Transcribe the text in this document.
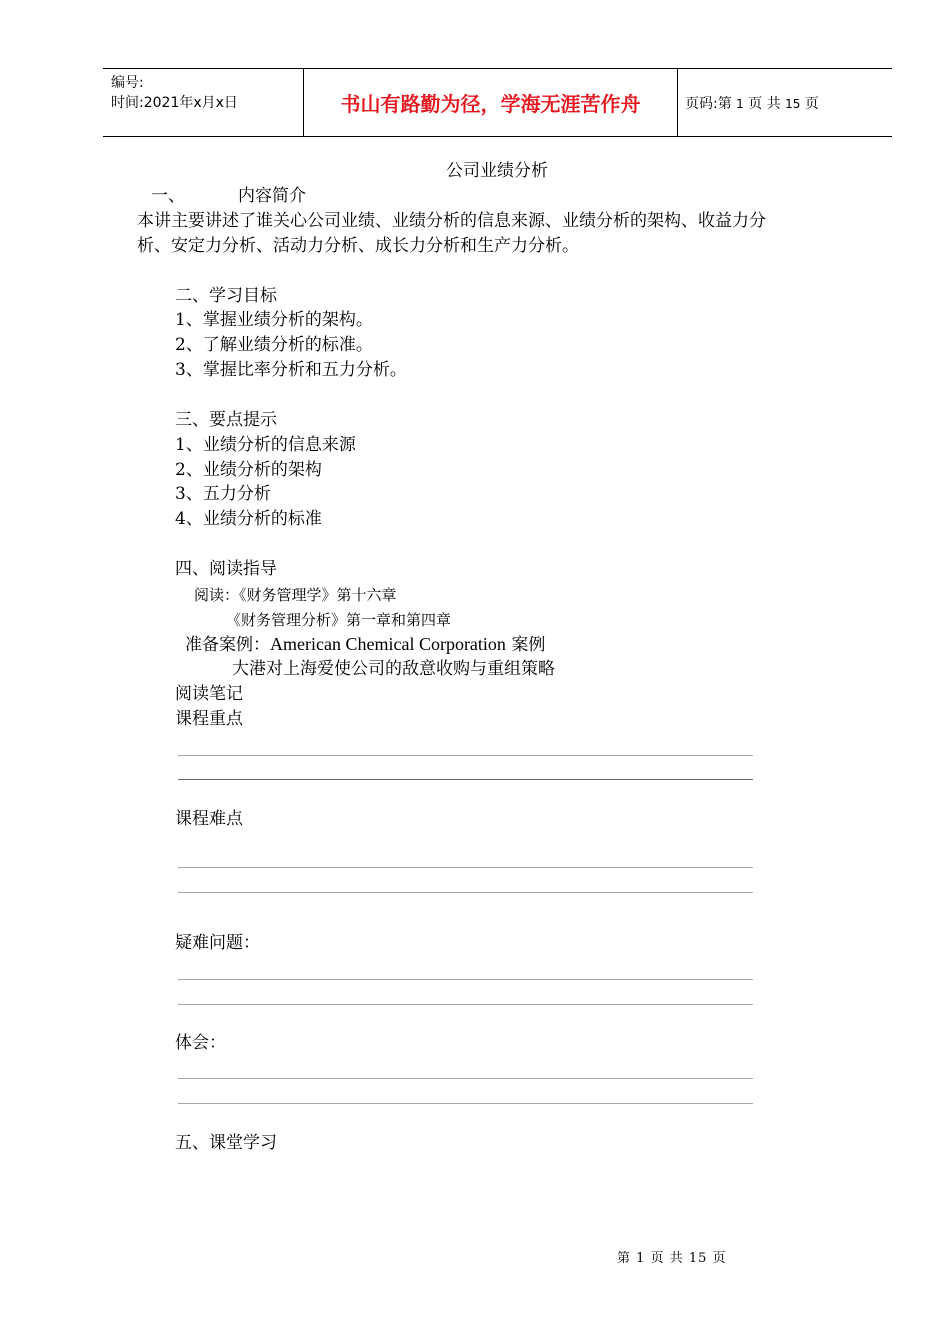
编号:
时间:2021年x月x日	书山有路勤为径，学海无涯苦作舟	页码:第 1 页 共 15 页
公司业绩分析
一、	内容简介
本讲主要讲述了谁关心公司业绩、业绩分析的信息来源、业绩分析的架构、收益力分
析、安定力分析、活动力分析、成长力分析和生产力分析。
二、学习目标
1、掌握业绩分析的架构。
2、了解业绩分析的标准。
3、掌握比率分析和五力分析。
三、要点提示
1、业绩分析的信息来源
2、业绩分析的架构
3、五力分析
4、业绩分析的标准
四、阅读指导
阅读：《财务管理学》第十六章
《财务管理分析》第一章和第四章
准备案例：American Chemical Corporation 案例
大港对上海爱使公司的敌意收购与重组策略
阅读笔记
课程重点
课程难点
疑难问题：
体会：
五、课堂学习
第 1 页 共 15 页
